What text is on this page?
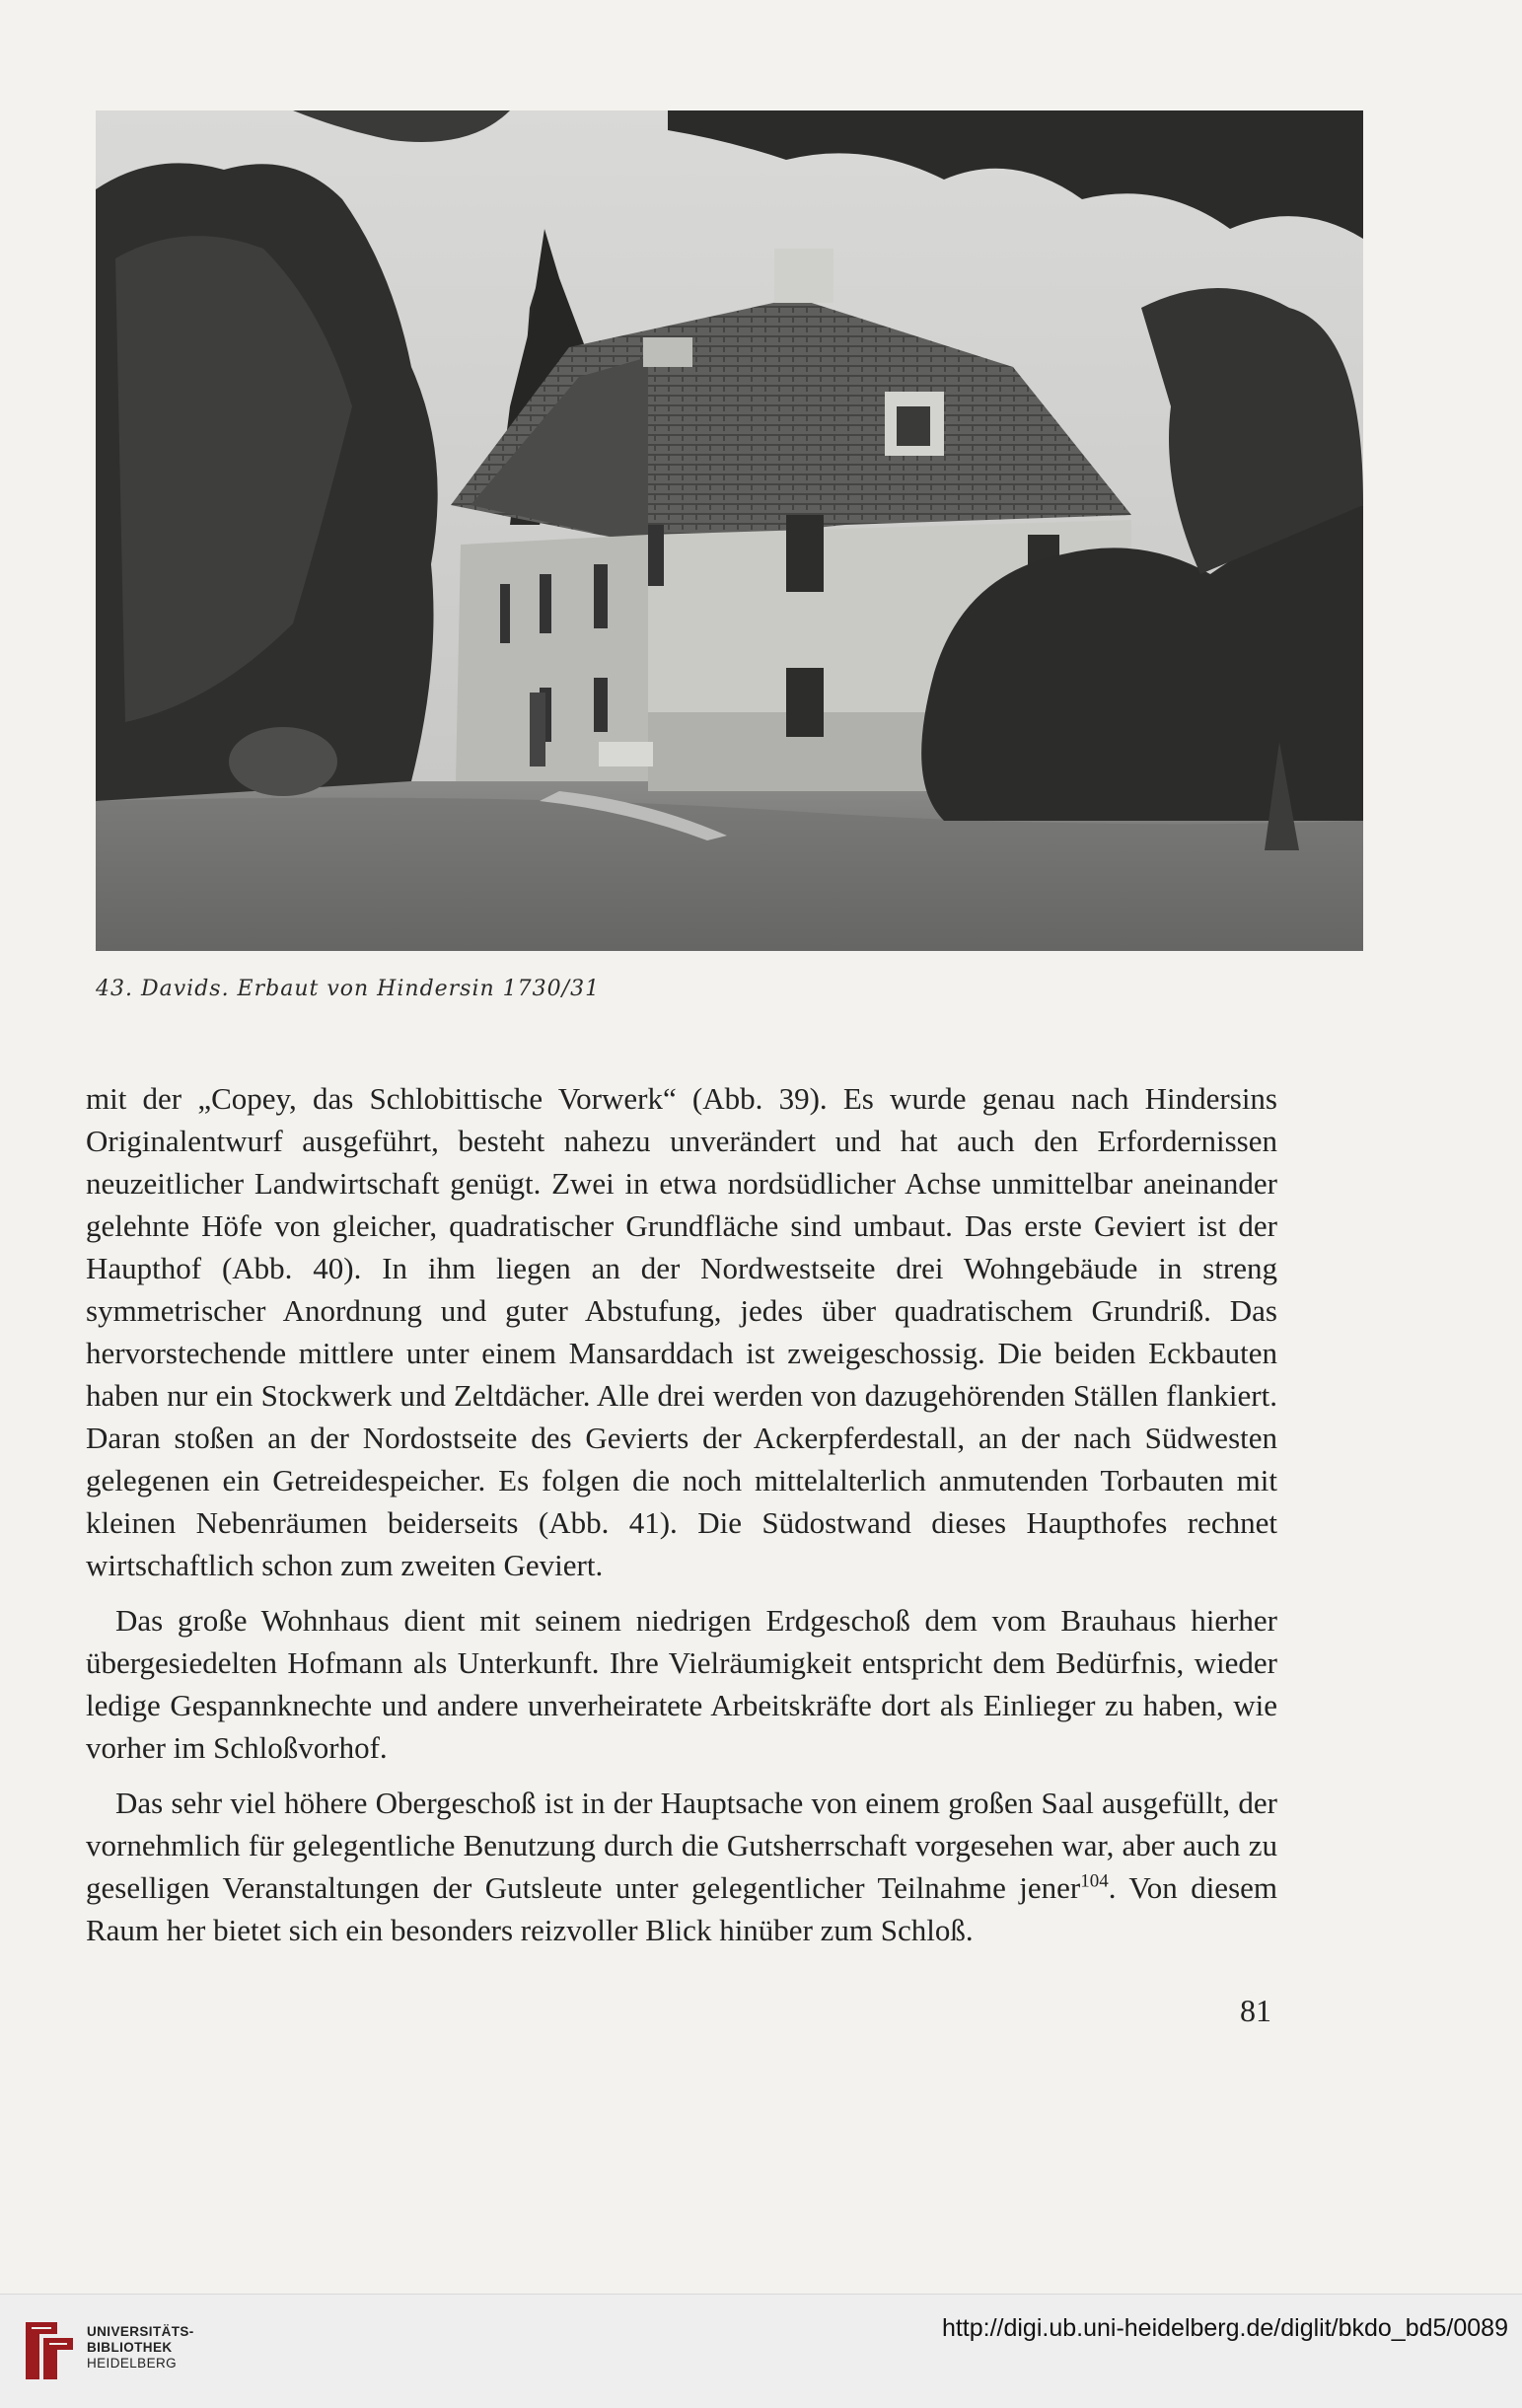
43. Davids. Erbaut von Hindersin 1730/31

mit der „Copey, das Schlobittische Vorwerk“ (Abb. 39). Es wurde genau nach Hindersins Originalentwurf ausgeführt, besteht nahezu unverändert und hat auch den Erfordernissen neuzeitlicher Landwirtschaft genügt. Zwei in etwa nordsüdlicher Achse unmittelbar aneinander gelehnte Höfe von gleicher, quadratischer Grundfläche sind umbaut. Das erste Geviert ist der Haupthof (Abb. 40). In ihm liegen an der Nordwestseite drei Wohngebäude in streng symmetrischer Anordnung und guter Abstufung, jedes über quadratischem Grundriß. Das hervorstechende mittlere unter einem Mansarddach ist zweigeschossig. Die beiden Eckbauten haben nur ein Stockwerk und Zeltdächer. Alle drei werden von dazugehörenden Ställen flankiert. Daran stoßen an der Nordostseite des Gevierts der Ackerpferdestall, an der nach Südwesten gelegenen ein Getreidespeicher. Es folgen die noch mittelalterlich anmutenden Torbauten mit kleinen Nebenräumen beiderseits (Abb. 41). Die Südostwand dieses Haupthofes rechnet wirtschaftlich schon zum zweiten Geviert.

Das große Wohnhaus dient mit seinem niedrigen Erdgeschoß dem vom Brauhaus hierher übergesiedelten Hofmann als Unterkunft. Ihre Vielräumigkeit entspricht dem Bedürfnis, wieder ledige Gespannknechte und andere unverheiratete Arbeitskräfte dort als Einlieger zu haben, wie vorher im Schloßvorhof.

Das sehr viel höhere Obergeschoß ist in der Hauptsache von einem großen Saal ausgefüllt, der vornehmlich für gelegentliche Benutzung durch die Gutsherrschaft vorgesehen war, aber auch zu geselligen Veranstaltungen der Gutsleute unter gelegentlicher Teilnahme jener$^{104}$. Von diesem Raum her bietet sich ein besonders reizvoller Blick hinüber zum Schloß.

81
UNIVERSITÄTS-
BIBLIOTHEK
HEIDELBERG
http://digi.ub.uni-heidelberg.de/diglit/bkdo_bd5/0089
